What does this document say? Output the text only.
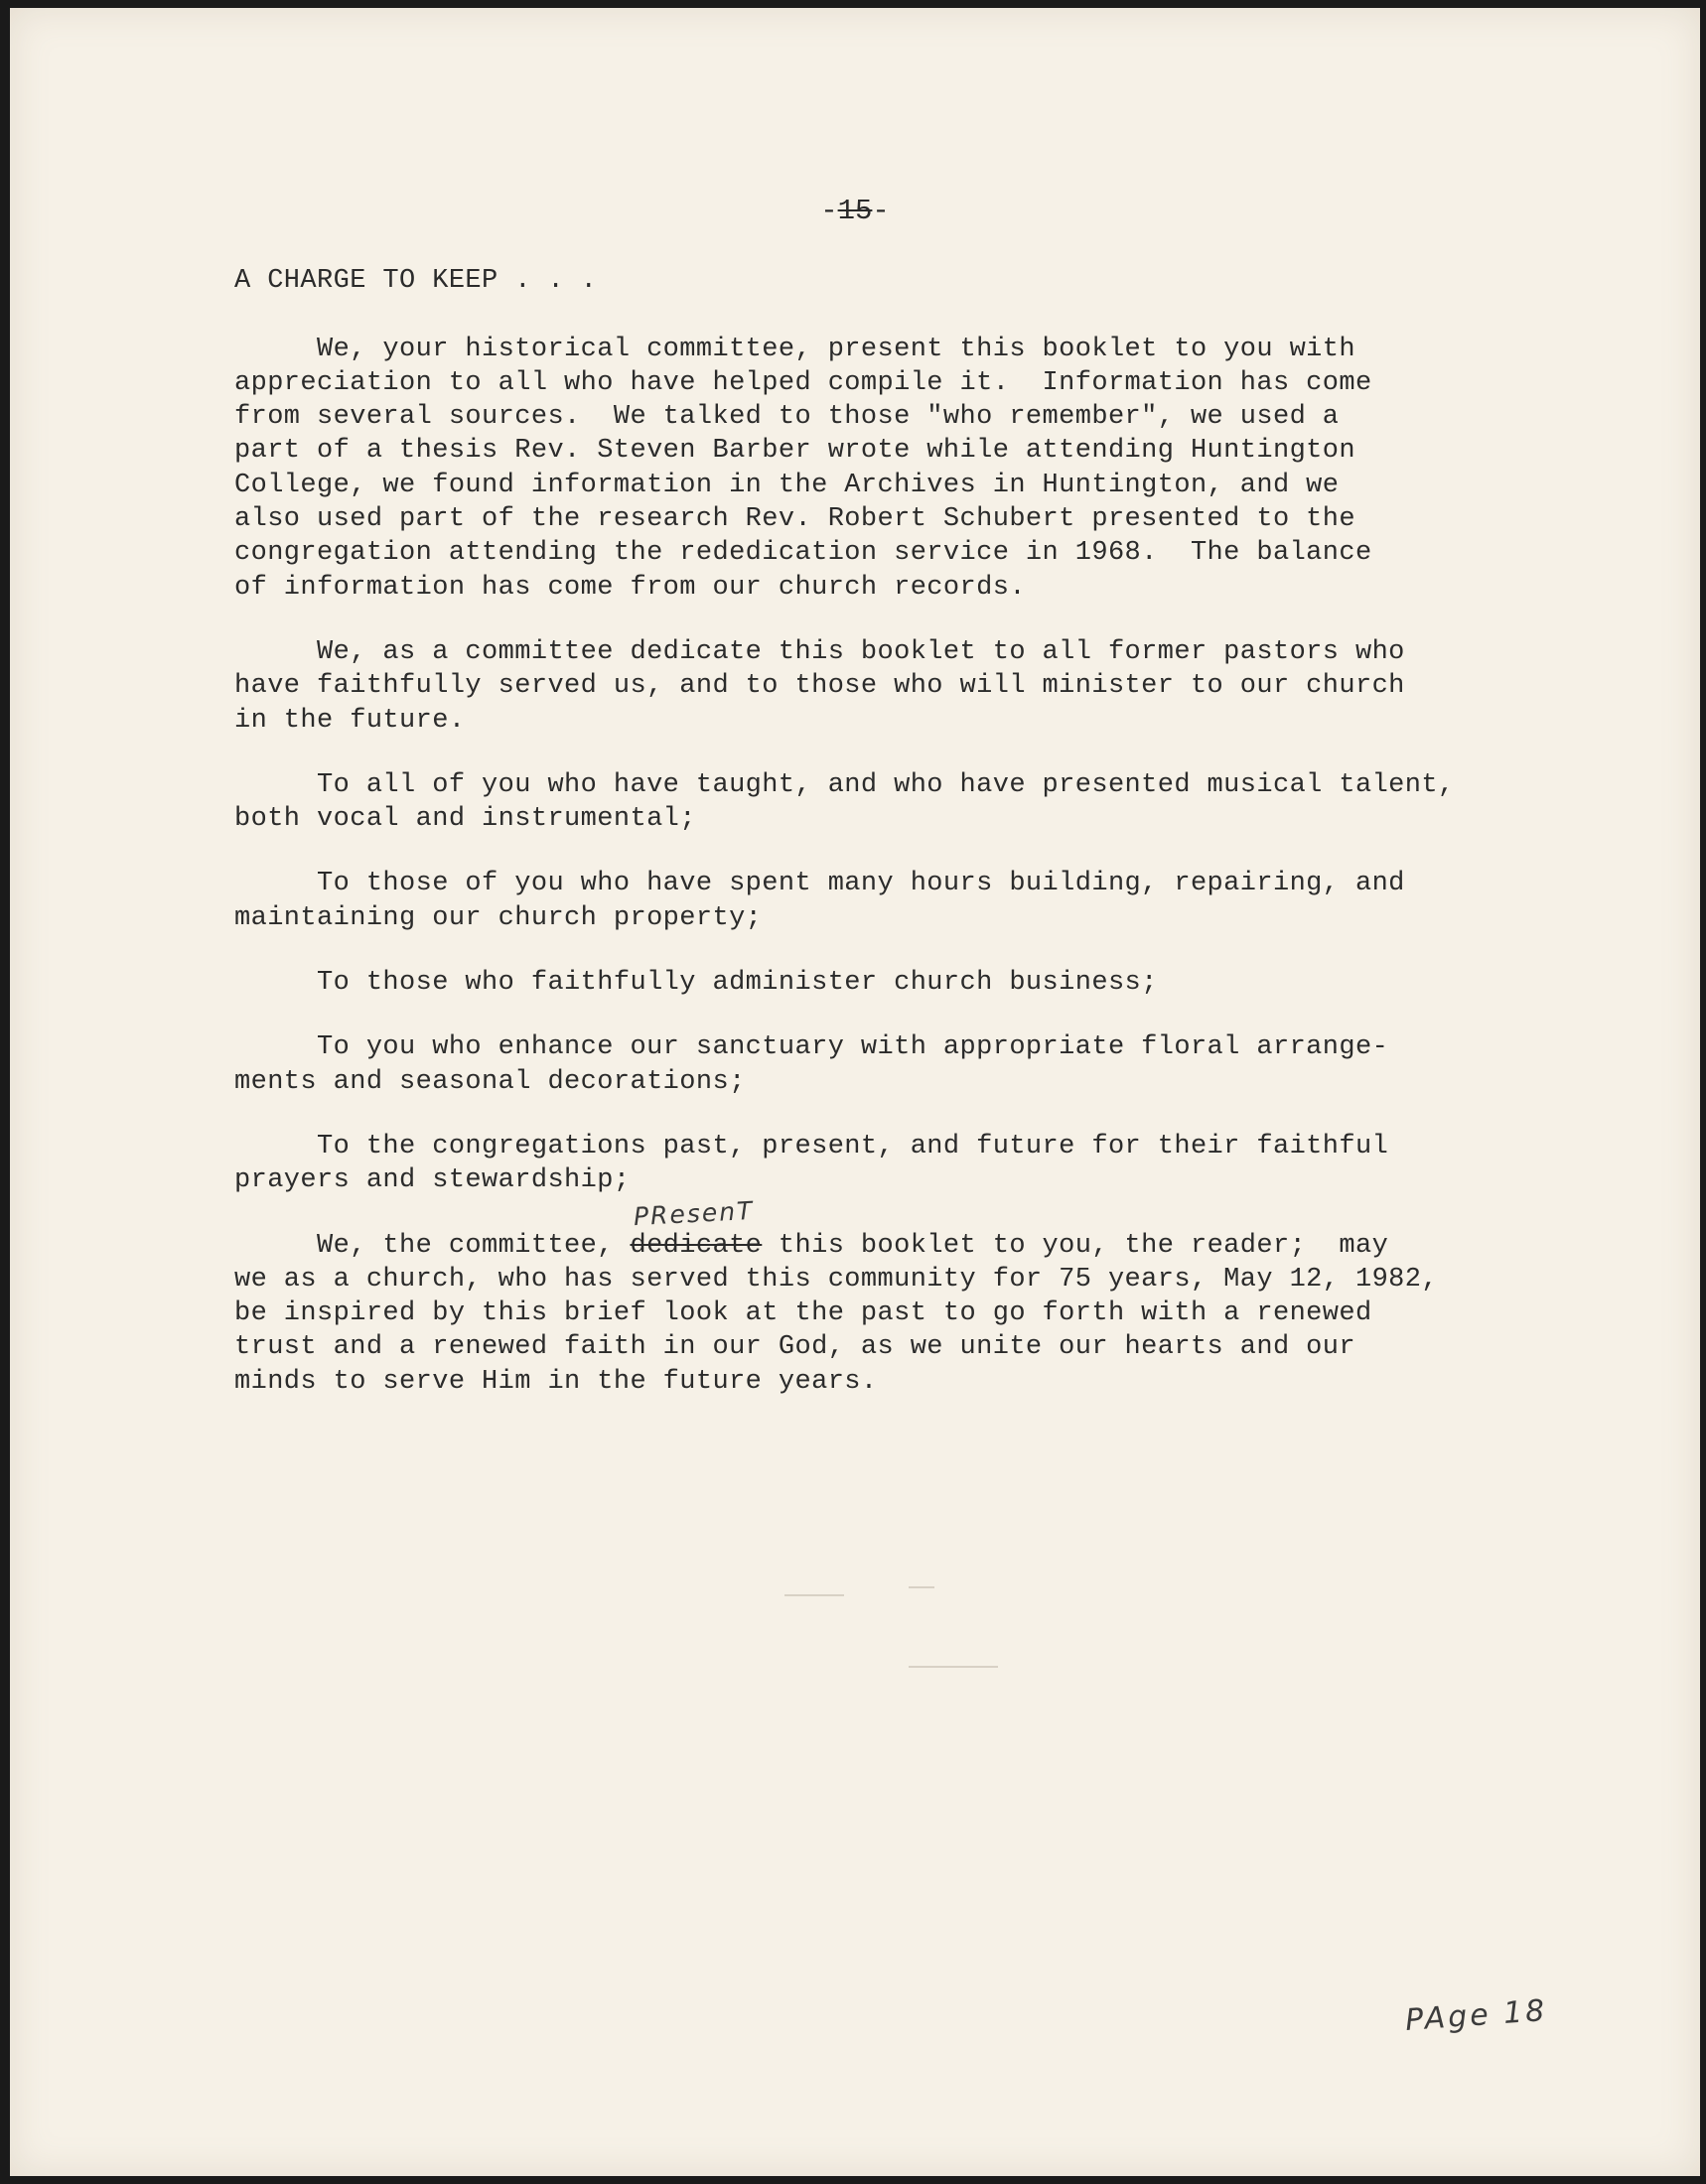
-15-
A CHARGE TO KEEP . . .
We, your historical committee, present this booklet to you with
appreciation to all who have helped compile it.  Information has come
from several sources.  We talked to those "who remember", we used a
part of a thesis Rev. Steven Barber wrote while attending Huntington
College, we found information in the Archives in Huntington, and we
also used part of the research Rev. Robert Schubert presented to the
congregation attending the rededication service in 1968.  The balance
of information has come from our church records.
We, as a committee dedicate this booklet to all former pastors who
have faithfully served us, and to those who will minister to our church
in the future.
To all of you who have taught, and who have presented musical talent,
both vocal and instrumental;
To those of you who have spent many hours building, repairing, and
maintaining our church property;
To those who faithfully administer church business;
To you who enhance our sanctuary with appropriate floral arrange-
ments and seasonal decorations;
To the congregations past, present, and future for their faithful
prayers and stewardship;
We, the committee,
PResenT
dedicate this booklet to you, the reader;  may
we as a church, who has served this community for 75 years, May 12, 1982,
be inspired by this brief look at the past to go forth with a renewed
trust and a renewed faith in our God, as we unite our hearts and our
minds to serve Him in the future years.
PAge 18
